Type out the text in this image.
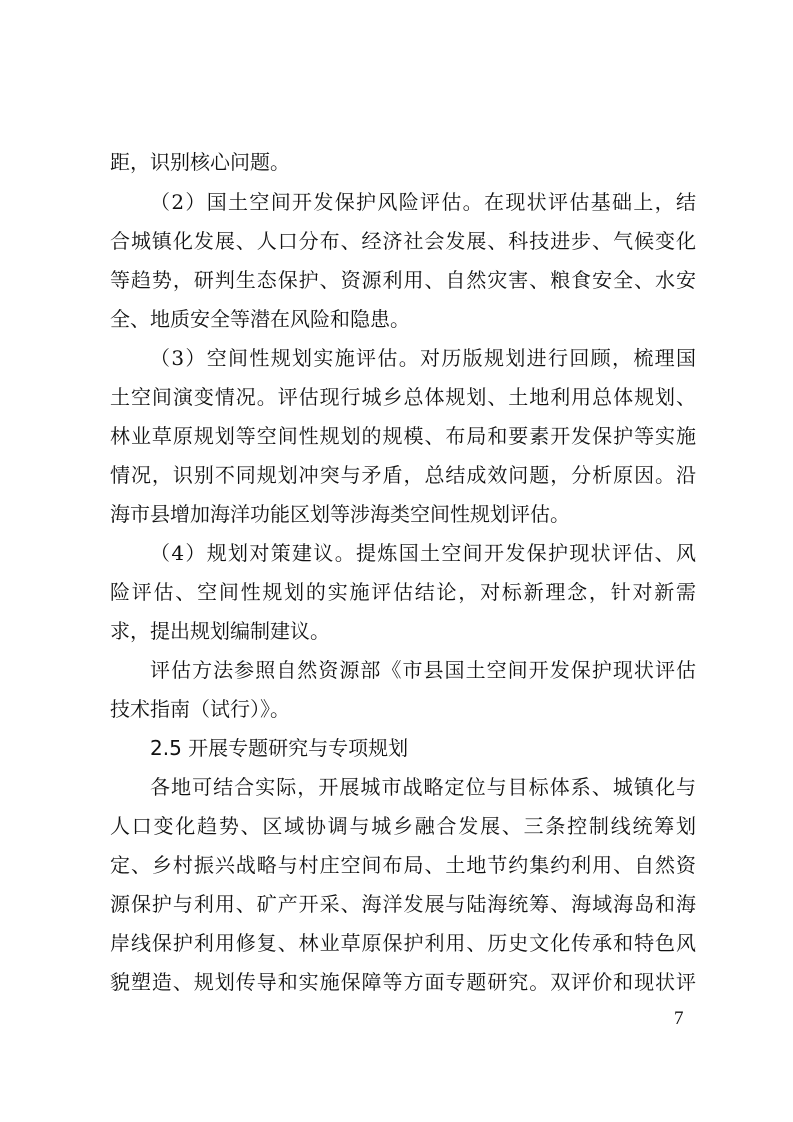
距，识别核心问题。
（2）国土空间开发保护风险评估。在现状评估基础上，结
合城镇化发展、人口分布、经济社会发展、科技进步、气候变化
等趋势，研判生态保护、资源利用、自然灾害、粮食安全、水安
全、地质安全等潜在风险和隐患。
（3）空间性规划实施评估。对历版规划进行回顾，梳理国
土空间演变情况。评估现行城乡总体规划、土地利用总体规划、
林业草原规划等空间性规划的规模、布局和要素开发保护等实施
情况，识别不同规划冲突与矛盾，总结成效问题，分析原因。沿
海市县增加海洋功能区划等涉海类空间性规划评估。
（4）规划对策建议。提炼国土空间开发保护现状评估、风
险评估、空间性规划的实施评估结论，对标新理念，针对新需
求，提出规划编制建议。
评估方法参照自然资源部《市县国土空间开发保护现状评估
技术指南（试行）》。
2.5 开展专题研究与专项规划
各地可结合实际，开展城市战略定位与目标体系、城镇化与
人口变化趋势、区域协调与城乡融合发展、三条控制线统筹划
定、乡村振兴战略与村庄空间布局、土地节约集约利用、自然资
源保护与利用、矿产开采、海洋发展与陆海统筹、海域海岛和海
岸线保护利用修复、林业草原保护利用、历史文化传承和特色风
貌塑造、规划传导和实施保障等方面专题研究。双评价和现状评
7
